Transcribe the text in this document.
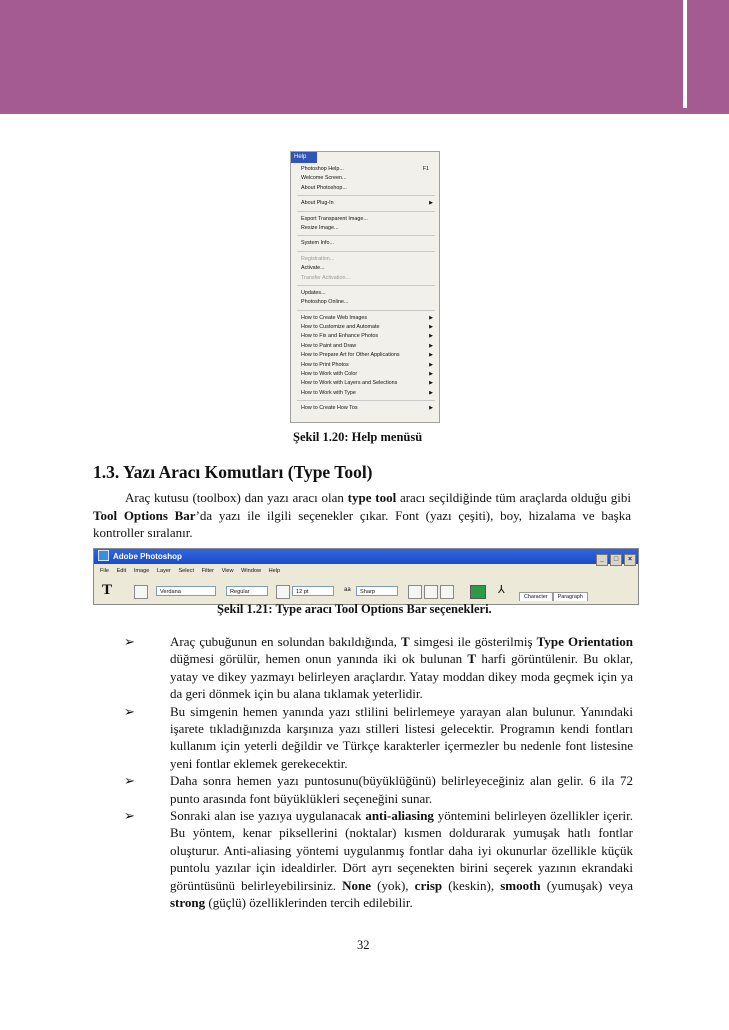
Help
Photoshop Help...	F1
Welcome Screen...
About Photoshop...
About Plug-In	▶
Export Transparent Image...
Resize Image...
System Info...
Registration...
Activate...
Transfer Activation...
Updates...
Photoshop Online...
How to Create Web Images	▶
How to Customize and Automate	▶
How to Fix and Enhance Photos	▶
How to Paint and Draw	▶
How to Prepare Art for Other Applications	▶
How to Print Photos	▶
How to Work with Color	▶
How to Work with Layers and Selections	▶
How to Work with Type	▶
How to Create How Tos	▶
Şekil 1.20: Help menüsü
1.3. Yazı Aracı Komutları (Type Tool)
Araç kutusu (toolbox) dan yazı aracı olan type tool aracı seçildiğinde tüm araçlarda olduğu gibi Tool Options Bar’da yazı ile ilgili seçenekler çıkar. Font (yazı çeşiti), boy, hizalama ve başka kontroller sıralanır.
Adobe Photoshop	_ □ ×
File Edit Image Layer Select Filter View Window Help
T	Verdana	Regular	12 pt	aa	Sharp	⅄
Character Paragraph
Şekil 1.21: Type aracı Tool Options Bar seçenekleri.
➢	Araç çubuğunun en solundan bakıldığında, T simgesi ile gösterilmiş Type Orientation düğmesi görülür, hemen onun yanında iki ok bulunan T harfi görüntülenir. Bu oklar, yatay ve dikey yazmayı belirleyen araçlardır. Yatay moddan dikey moda geçmek için ya da geri dönmek için bu alana tıklamak yeterlidir.
➢	Bu simgenin hemen yanında yazı stlilini belirlemeye yarayan alan bulunur. Yanındaki işarete tıkladığınızda karşınıza yazı stilleri listesi gelecektir. Programın kendi fontları kullanım için yeterli değildir ve Türkçe karakterler içermezler bu nedenle font listesine yeni fontlar eklemek gerekecektir.
➢	Daha sonra hemen yazı puntosunu(büyüklüğünü) belirleyeceğiniz alan gelir. 6 ila 72 punto arasında font büyüklükleri seçeneğini sunar.
➢	Sonraki alan ise yazıya uygulanacak anti-aliasing yöntemini belirleyen özellikler içerir. Bu yöntem, kenar piksellerini (noktalar) kısmen doldurarak yumuşak hatlı fontlar oluşturur. Anti-aliasing yöntemi uygulanmış fontlar daha iyi okunurlar özellikle küçük puntolu yazılar için idealdirler. Dört ayrı seçenekten birini seçerek yazının ekrandaki görüntüsünü belirleyebilirsiniz. None (yok), crisp (keskin), smooth (yumuşak) veya strong (güçlü) özelliklerinden tercih edilebilir.
32
